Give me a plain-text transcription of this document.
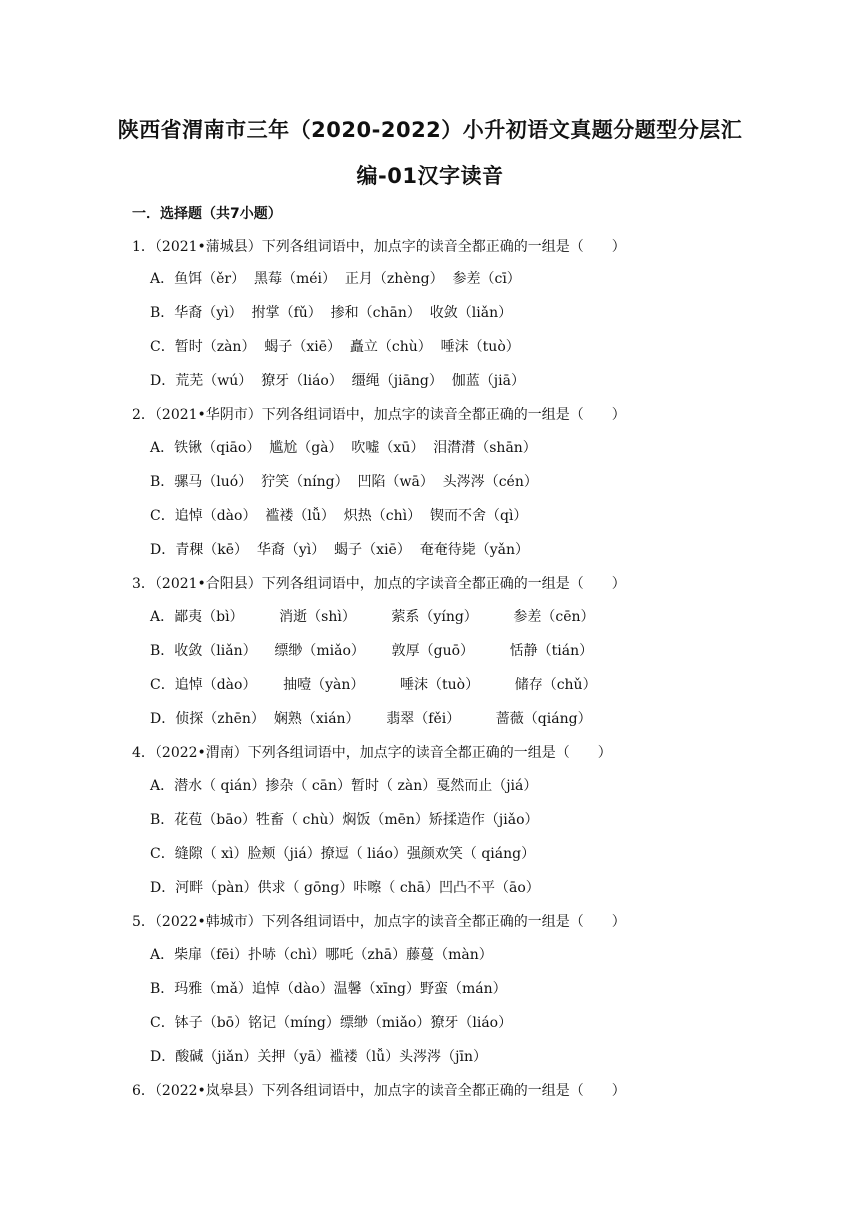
陕西省渭南市三年（2020-2022）小升初语文真题分题型分层汇
编-01汉字读音
一．选择题（共7小题）
1．（2021•蒲城县）下列各组词语中，加点字的读音全都正确的一组是（　　）
A．鱼饵（ěr）  黑莓（méi）  正月（zhèng）  参差（cī）
B．华裔（yì）  拊掌（fǔ）  掺和（chān）  收敛（liǎn）
C．暂时（zàn）  蝎子（xiē）  矗立（chù）  唾沫（tuò）
D．荒芜（wú）  獠牙（liáo）  缰绳（jiāng）  伽蓝（jiā）
2．（2021•华阴市）下列各组词语中，加点字的读音全都正确的一组是（　　）
A．铁锹（qiāo）  尴尬（gà）  吹嘘（xū）  泪潸潸（shān）
B．骡马（luó）  狞笑（níng）  凹陷（wā）  头涔涔（cén）
C．追悼（dào）  褴褛（lǚ）  炽热（chì）  锲而不舍（qì）
D．青稞（kē）  华裔（yì）  蝎子（xiē）  奄奄待毙（yǎn）
3．（2021•合阳县）下列各组词语中，加点的字读音全都正确的一组是（　　）
A．鄙夷（bì）        消逝（shì）        萦系（yíng）        参差（cēn）
B．收敛（liǎn）    缥缈（miǎo）      敦厚（guō）        恬静（tián）
C．追悼（dào）      抽噎（yàn）        唾沫（tuò）        储存（chǔ）
D．侦探（zhēn）  娴熟（xián）      翡翠（fěi）        蔷薇（qiáng）
4．（2022•渭南）下列各组词语中，加点字的读音全都正确的一组是（　　）
A．潜水（ qián）掺杂（ cān）暂时（ zàn）戛然而止（jiá）
B．花苞（bāo）牲畜（ chù）焖饭（mēn）矫揉造作（jiǎo）
C．缝隙（ xì）脸颊（jiá）撩逗（ liáo）强颜欢笑（ qiáng）
D．河畔（pàn）供求（ gōng）咔嚓（ chā）凹凸不平（āo）
5．（2022•韩城市）下列各组词语中，加点字的读音全都正确的一组是（　　）
A．柴扉（fēi）扑哧（chì）哪吒（zhā）藤蔓（màn）
B．玛雅（mǎ）追悼（dào）温馨（xīng）野蛮（mán）
C．钵子（bō）铭记（míng）缥缈（miǎo）獠牙（liáo）
D．酸碱（jiǎn）关押（yā）褴褛（lǚ）头涔涔（jīn）
6．（2022•岚皋县）下列各组词语中，加点字的读音全都正确的一组是（　　）
